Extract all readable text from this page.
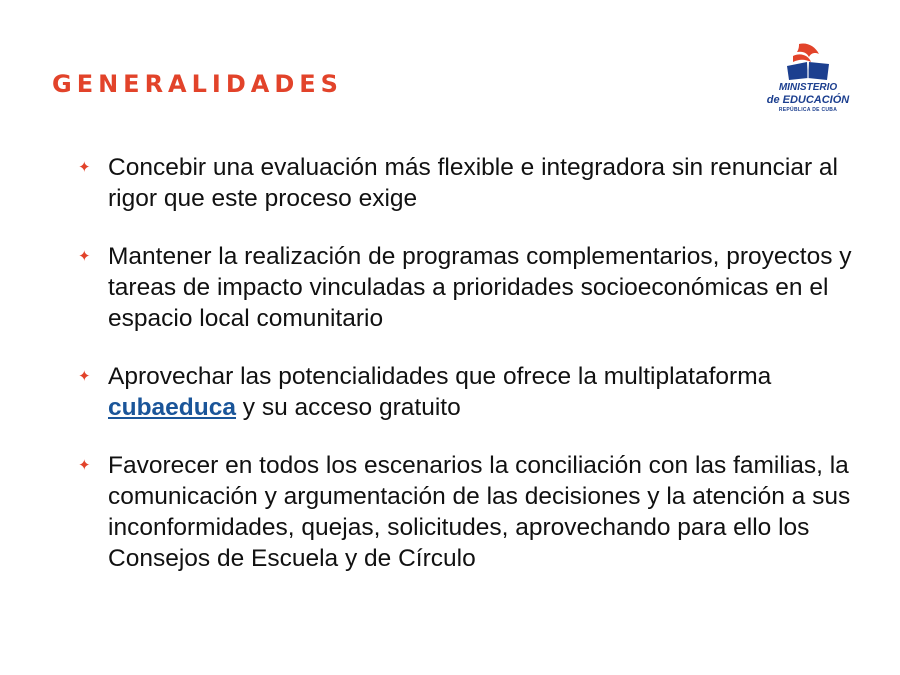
GENERALIDADES	MINISTERIO
de EDUCACIÓN
REPÚBLICA DE CUBA
✦ Concebir una evaluación más flexible e integradora sin renunciar al rigor que este proceso exige
✦ Mantener la realización de programas complementarios, proyectos y tareas de impacto vinculadas a prioridades socioeconómicas en el espacio local comunitario
✦ Aprovechar las potencialidades que ofrece la multiplataforma cubaeduca y su acceso gratuito
✦ Favorecer en todos los escenarios la conciliación con las familias, la comunicación y argumentación de las decisiones y la atención a sus inconformidades, quejas, solicitudes, aprovechando para ello los Consejos de Escuela y de Círculo
